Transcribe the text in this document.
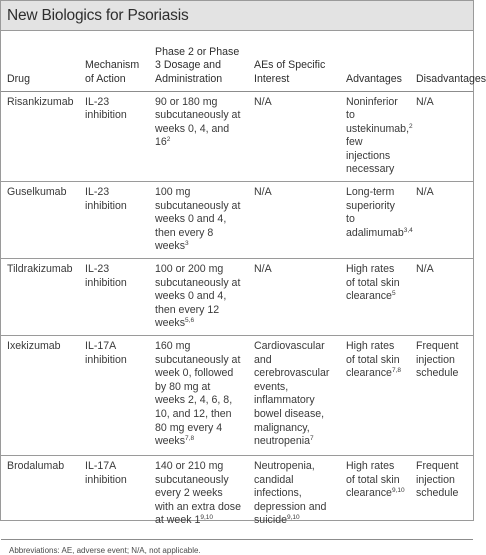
New Biologics for Psoriasis
Drug	Mechanism of Action	Phase 2 or Phase 3 Dosage and Administration	AEs of Specific Interest	Advantages	Disadvantages
Risankizumab	IL-23 inhibition	90 or 180 mg subcutaneously at weeks 0, 4, and $16^2$	N/A	Noninferior to ustekinumab,$^2$ few injections necessary	N/A
Guselkumab	IL-23 inhibition	100 mg subcutaneously at weeks 0 and 4, then every 8 weeks$^3$	N/A	Long-term superiority to adalimumab$^{3,4}$	N/A
Tildrakizumab	IL-23 inhibition	100 or 200 mg subcutaneously at weeks 0 and 4, then every 12 weeks$^{5,6}$	N/A	High rates of total skin clearance$^5$	N/A
Ixekizumab	IL-17A inhibition	160 mg subcutaneously at week 0, followed by 80 mg at weeks 2, 4, 6, 8, 10, and 12, then 80 mg every 4 weeks$^{7,8}$	Cardiovascular and cerebrovascular events, inflammatory bowel disease, malignancy, neutropenia$^7$	High rates of total skin clearance$^{7,8}$	Frequent injection schedule
Brodalumab	IL-17A inhibition	140 or 210 mg subcutaneously every 2 weeks with an extra dose at week 1$^{9,10}$	Neutropenia, candidal infections, depression and suicide$^{9,10}$	High rates of total skin clearance$^{9,10}$	Frequent injection schedule
Abbreviations: AE, adverse event; N/A, not applicable.
